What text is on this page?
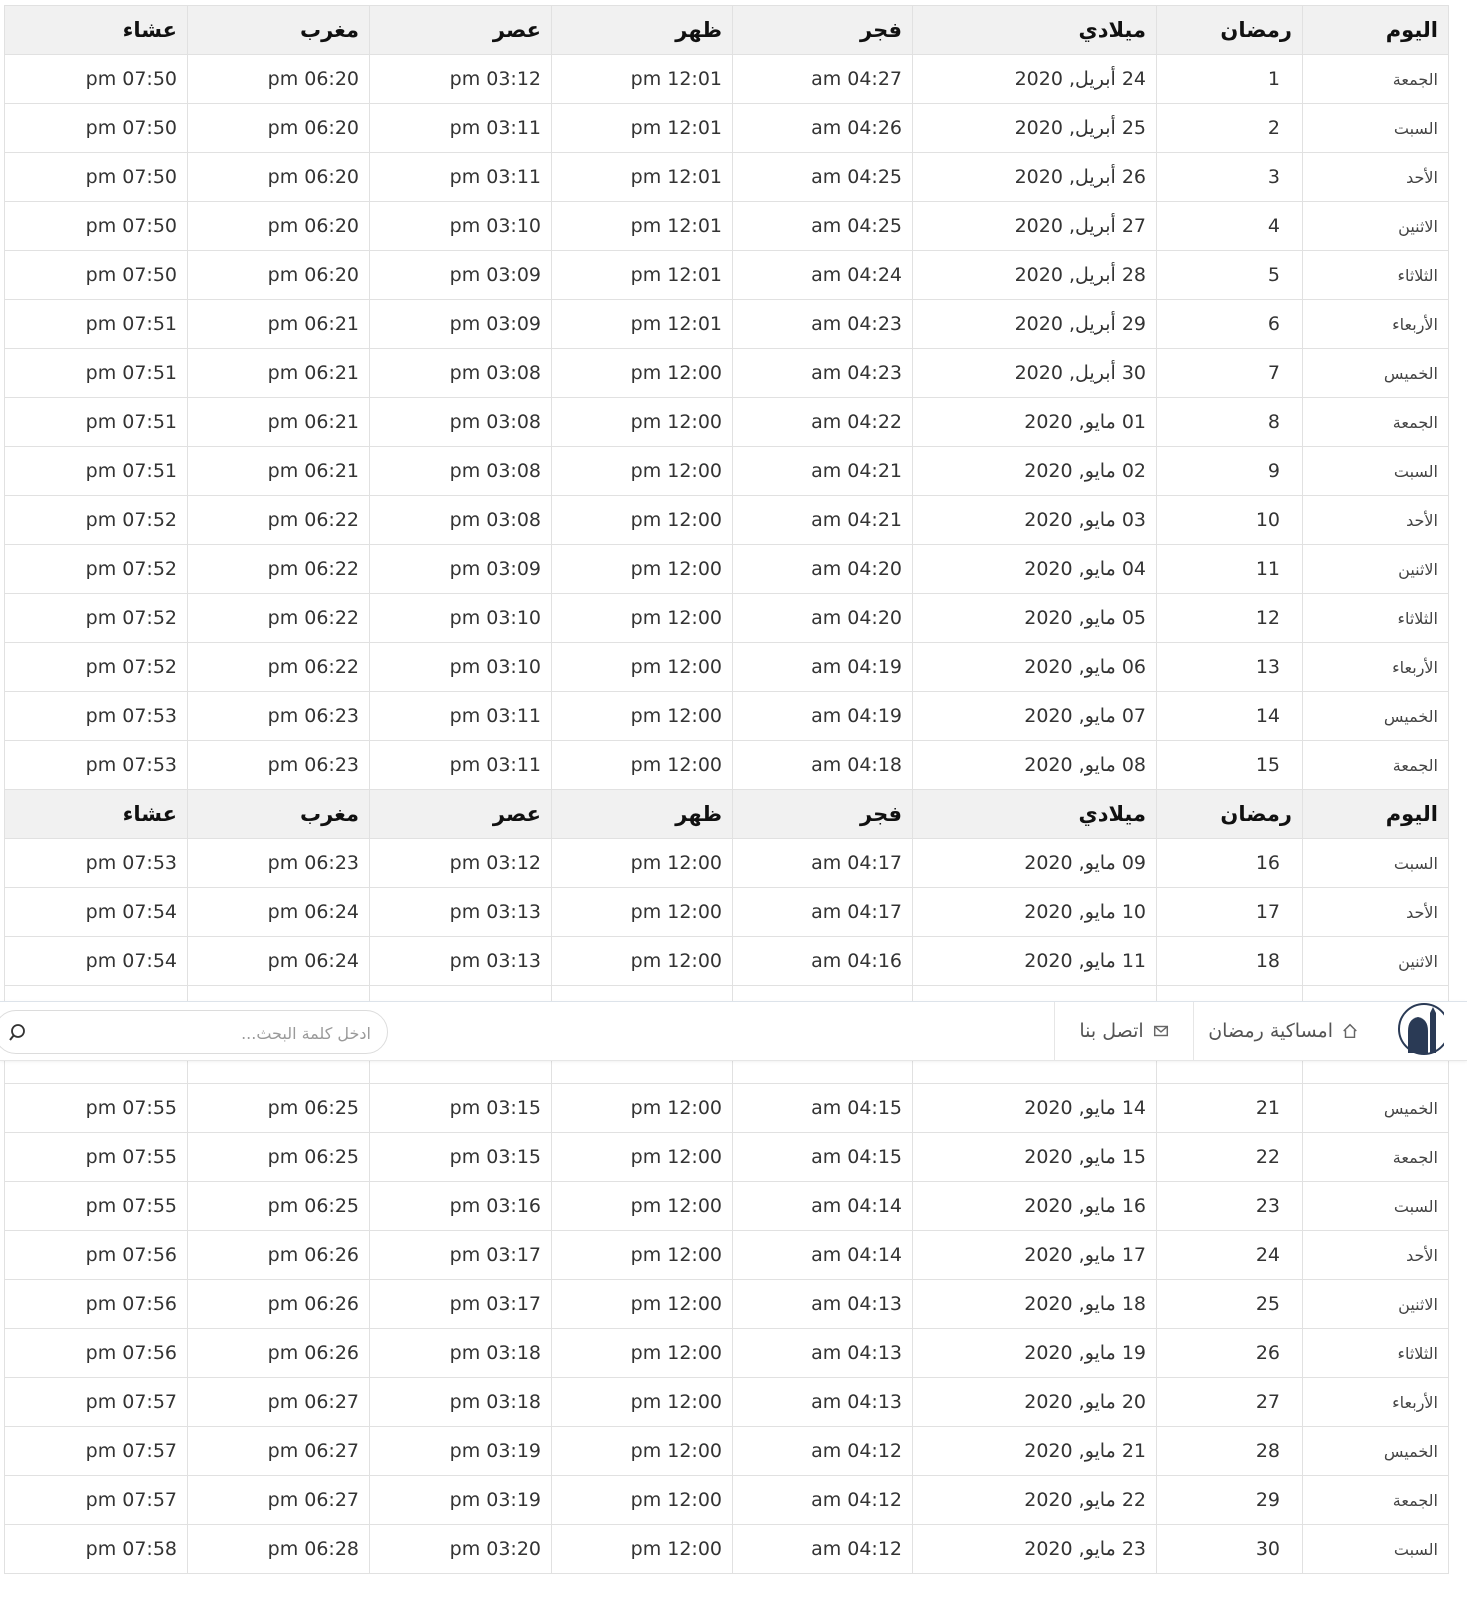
اليوم	رمضان	ميلادي	فجر	ظهر	عصر	مغرب	عشاء
الجمعة	1	24 أبريل, 2020	am 04:27	pm 12:01	pm 03:12	pm 06:20	pm 07:50
السبت	2	25 أبريل, 2020	am 04:26	pm 12:01	pm 03:11	pm 06:20	pm 07:50
الأحد	3	26 أبريل, 2020	am 04:25	pm 12:01	pm 03:11	pm 06:20	pm 07:50
الاثنين	4	27 أبريل, 2020	am 04:25	pm 12:01	pm 03:10	pm 06:20	pm 07:50
الثلاثاء	5	28 أبريل, 2020	am 04:24	pm 12:01	pm 03:09	pm 06:20	pm 07:50
الأربعاء	6	29 أبريل, 2020	am 04:23	pm 12:01	pm 03:09	pm 06:21	pm 07:51
الخميس	7	30 أبريل, 2020	am 04:23	pm 12:00	pm 03:08	pm 06:21	pm 07:51
الجمعة	8	01 مايو, 2020	am 04:22	pm 12:00	pm 03:08	pm 06:21	pm 07:51
السبت	9	02 مايو, 2020	am 04:21	pm 12:00	pm 03:08	pm 06:21	pm 07:51
الأحد	10	03 مايو, 2020	am 04:21	pm 12:00	pm 03:08	pm 06:22	pm 07:52
الاثنين	11	04 مايو, 2020	am 04:20	pm 12:00	pm 03:09	pm 06:22	pm 07:52
الثلاثاء	12	05 مايو, 2020	am 04:20	pm 12:00	pm 03:10	pm 06:22	pm 07:52
الأربعاء	13	06 مايو, 2020	am 04:19	pm 12:00	pm 03:10	pm 06:22	pm 07:52
الخميس	14	07 مايو, 2020	am 04:19	pm 12:00	pm 03:11	pm 06:23	pm 07:53
الجمعة	15	08 مايو, 2020	am 04:18	pm 12:00	pm 03:11	pm 06:23	pm 07:53
اليوم	رمضان	ميلادي	فجر	ظهر	عصر	مغرب	عشاء
السبت	16	09 مايو, 2020	am 04:17	pm 12:00	pm 03:12	pm 06:23	pm 07:53
الأحد	17	10 مايو, 2020	am 04:17	pm 12:00	pm 03:13	pm 06:24	pm 07:54
الاثنين	18	11 مايو, 2020	am 04:16	pm 12:00	pm 03:13	pm 06:24	pm 07:54

الخميس	21	14 مايو, 2020	am 04:15	pm 12:00	pm 03:15	pm 06:25	pm 07:55
الجمعة	22	15 مايو, 2020	am 04:15	pm 12:00	pm 03:15	pm 06:25	pm 07:55
السبت	23	16 مايو, 2020	am 04:14	pm 12:00	pm 03:16	pm 06:25	pm 07:55
الأحد	24	17 مايو, 2020	am 04:14	pm 12:00	pm 03:17	pm 06:26	pm 07:56
الاثنين	25	18 مايو, 2020	am 04:13	pm 12:00	pm 03:17	pm 06:26	pm 07:56
الثلاثاء	26	19 مايو, 2020	am 04:13	pm 12:00	pm 03:18	pm 06:26	pm 07:56
الأربعاء	27	20 مايو, 2020	am 04:13	pm 12:00	pm 03:18	pm 06:27	pm 07:57
الخميس	28	21 مايو, 2020	am 04:12	pm 12:00	pm 03:19	pm 06:27	pm 07:57
الجمعة	29	22 مايو, 2020	am 04:12	pm 12:00	pm 03:19	pm 06:27	pm 07:57
السبت	30	23 مايو, 2020	am 04:12	pm 12:00	pm 03:20	pm 06:28	pm 07:58
امساكية رمضان
اتصل بنا
ادخل كلمة البحث...
